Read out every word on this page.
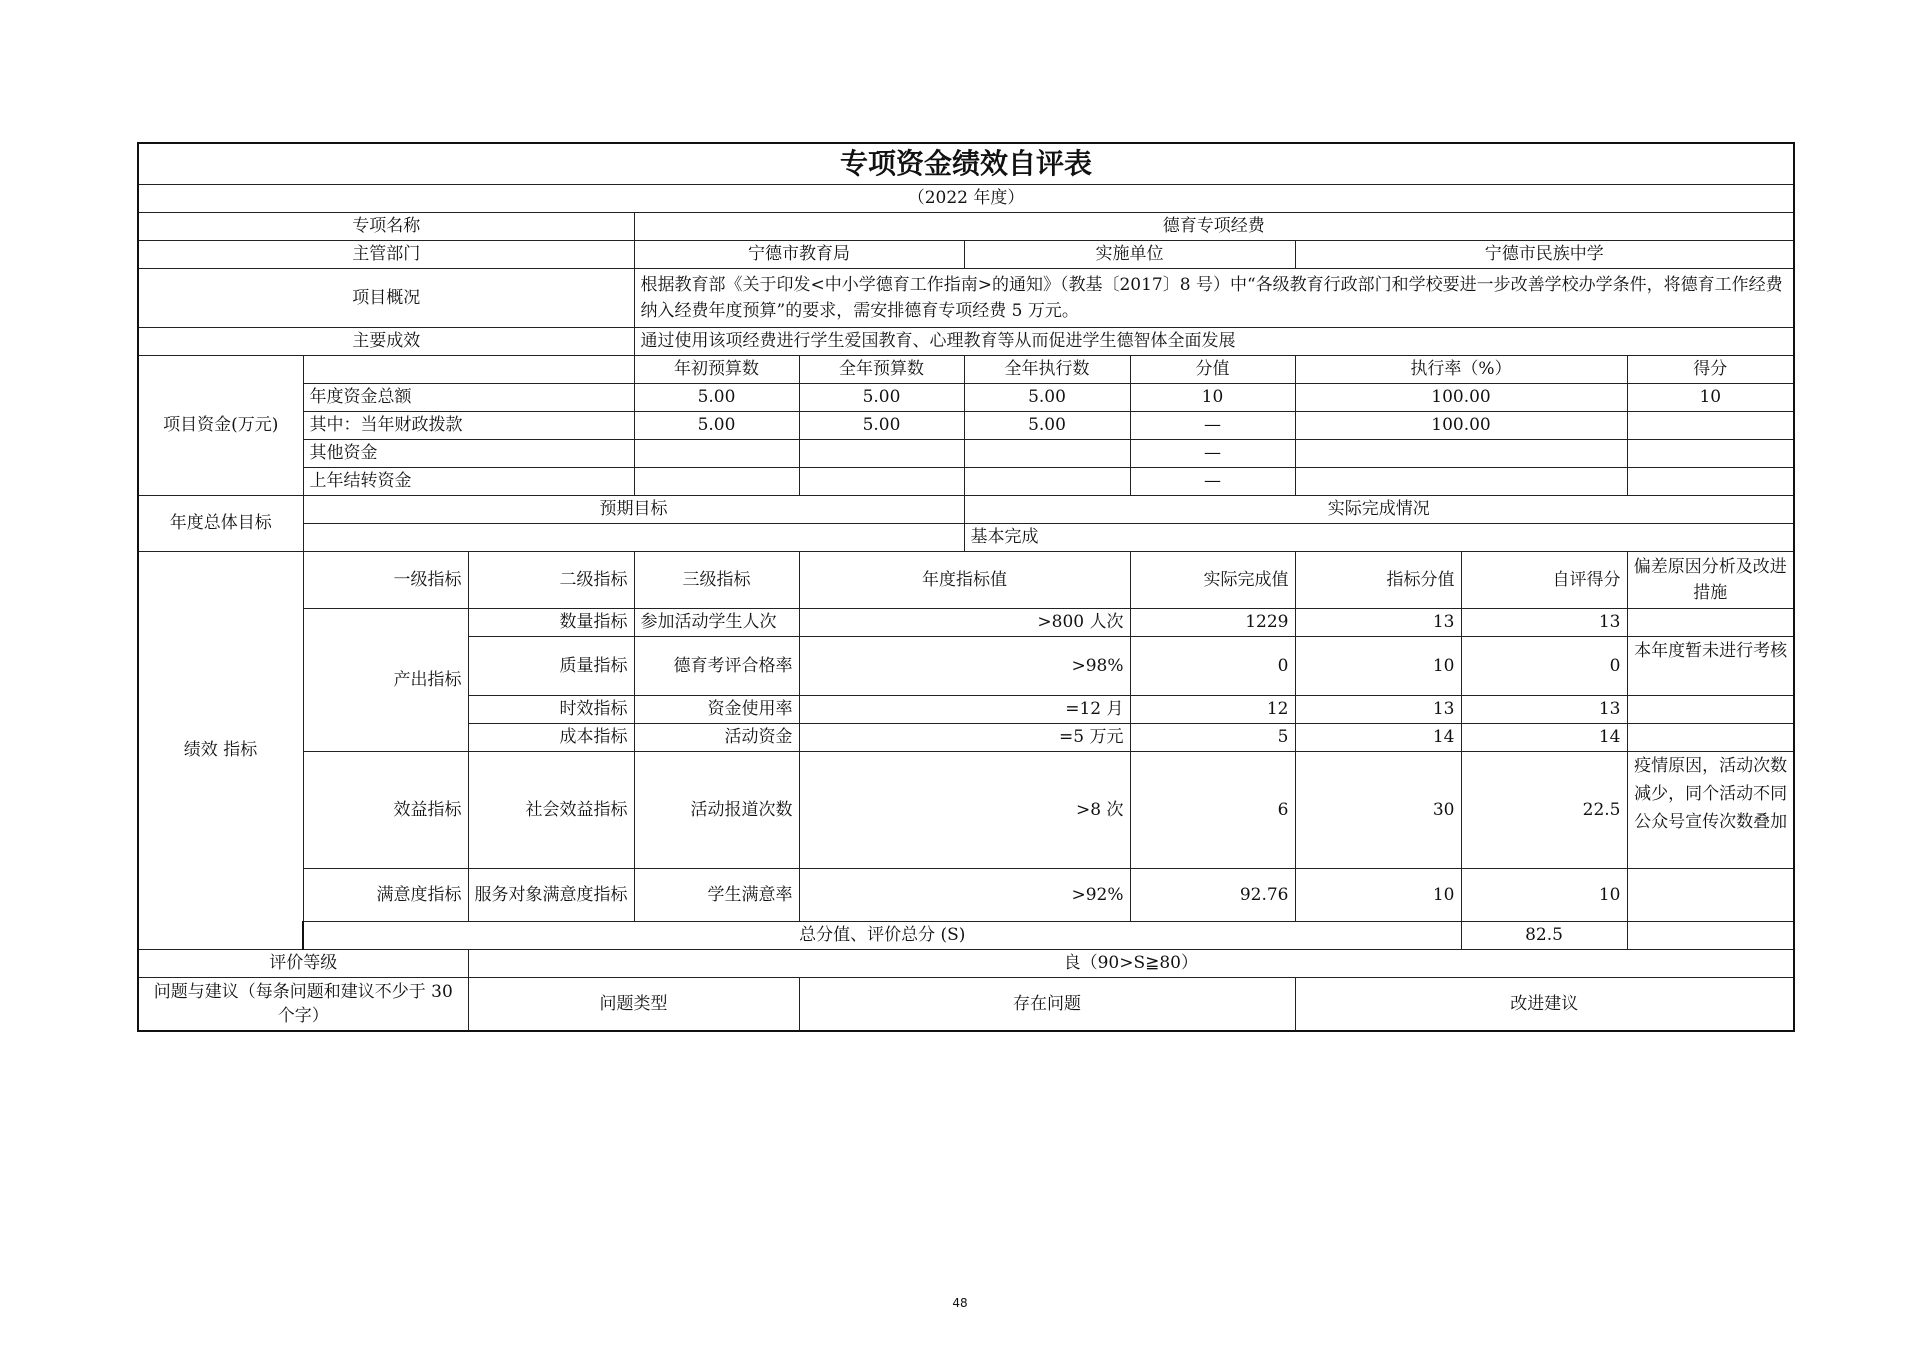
专项资金绩效自评表									
（2022 年度）									
专项名称			德育专项经费						
主管部门			宁德市教育局		实施单位		宁德市民族中学		
项目概况			根据教育部《关于印发<中小学德育工作指南>的通知》（教基〔2017〕8 号）中“各级教育行政部门和学校要进一步改善学校办学条件，将德育工作经费纳入经费年度预算”的要求，需安排德育专项经费 5 万元。						
主要成效			通过使用该项经费进行学生爱国教育、心理教育等从而促进学生德智体全面发展						
项目资金(万元)			年初预算数	全年预算数	全年执行数	分值	执行率（%）		得分
	年度资金总额		5.00	5.00	5.00	10	100.00		10
	其中：当年财政拨款		5.00	5.00	5.00	—	100.00		
	其他资金					—			
	上年结转资金					—			
年度总体目标	预期目标				实际完成情况				
					基本完成				
绩效 指标	一级指标	二级指标	三级指标	年度指标值		实际完成值	指标分值	自评得分	偏差原因分析及改进措施
	产出指标	数量指标	参加活动学生人次	>800 人次		1229	13	13	
		质量指标	德育考评合格率	>98%		0	10	0	本年度暂未进行考核
		时效指标	资金使用率	=12 月		12	13	13	
		成本指标	活动资金	=5 万元		5	14	14	
	效益指标	社会效益指标	活动报道次数	>8 次		6	30	22.5	疫情原因，活动次数减少，同个活动不同公众号宣传次数叠加
	满意度指标	服务对象满意度指标	学生满意率	>92%		92.76	10	10	
	总分值、评价总分 (S)							82.5	
评价等级		良（90>S≧80）							
问题与建议（每条问题和建议不少于 30 个字）		问题类型		存在问题			改进建议		
48
